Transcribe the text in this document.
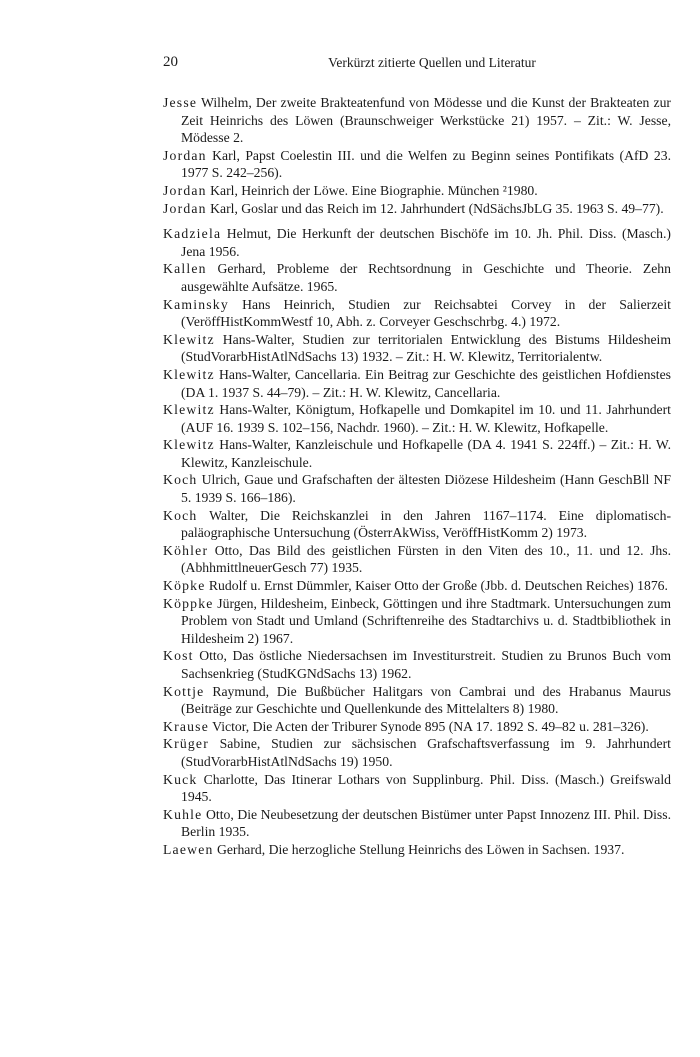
20	Verkürzt zitierte Quellen und Literatur

Jesse Wilhelm, Der zweite Brakteatenfund von Mödesse und die Kunst der Brakteaten zur Zeit Heinrichs des Löwen (Braunschweiger Werkstücke 21) 1957. – Zit.: W. Jesse, Mödesse 2.

Jordan Karl, Papst Coelestin III. und die Welfen zu Beginn seines Pontifikats (AfD 23. 1977 S. 242–256).

Jordan Karl, Heinrich der Löwe. Eine Biographie. München ²1980.

Jordan Karl, Goslar und das Reich im 12. Jahrhundert (NdSächsJbLG 35. 1963 S. 49–77).

Kadziela Helmut, Die Herkunft der deutschen Bischöfe im 10. Jh. Phil. Diss. (Masch.) Jena 1956.

Kallen Gerhard, Probleme der Rechtsordnung in Geschichte und Theorie. Zehn ausgewählte Aufsätze. 1965.

Kaminsky Hans Heinrich, Studien zur Reichsabtei Corvey in der Salierzeit (VeröffHistKommWestf 10, Abh. z. Corveyer Geschschrbg. 4.) 1972.

Klewitz Hans-Walter, Studien zur territorialen Entwicklung des Bistums Hildesheim (StudVorarbHistAtlNdSachs 13) 1932. – Zit.: H. W. Klewitz, Territorialentw.

Klewitz Hans-Walter, Cancellaria. Ein Beitrag zur Geschichte des geistlichen Hofdienstes (DA 1. 1937 S. 44–79). – Zit.: H. W. Klewitz, Cancellaria.

Klewitz Hans-Walter, Königtum, Hofkapelle und Domkapitel im 10. und 11. Jahrhundert (AUF 16. 1939 S. 102–156, Nachdr. 1960). – Zit.: H. W. Klewitz, Hofkapelle.

Klewitz Hans-Walter, Kanzleischule und Hofkapelle (DA 4. 1941 S. 224ff.) – Zit.: H. W. Klewitz, Kanzleischule.

Koch Ulrich, Gaue und Grafschaften der ältesten Diözese Hildesheim (Hann GeschBll NF 5. 1939 S. 166–186).

Koch Walter, Die Reichskanzlei in den Jahren 1167–1174. Eine diplomatisch-paläographische Untersuchung (ÖsterrAkWiss, VeröffHistKomm 2) 1973.

Köhler Otto, Das Bild des geistlichen Fürsten in den Viten des 10., 11. und 12. Jhs. (AbhhmittlneuerGesch 77) 1935.

Köpke Rudolf u. Ernst Dümmler, Kaiser Otto der Große (Jbb. d. Deutschen Reiches) 1876.

Köppke Jürgen, Hildesheim, Einbeck, Göttingen und ihre Stadtmark. Untersuchungen zum Problem von Stadt und Umland (Schriftenreihe des Stadtarchivs u. d. Stadtbibliothek in Hildesheim 2) 1967.

Kost Otto, Das östliche Niedersachsen im Investiturstreit. Studien zu Brunos Buch vom Sachsenkrieg (StudKGNdSachs 13) 1962.

Kottje Raymund, Die Bußbücher Halitgars von Cambrai und des Hrabanus Maurus (Beiträge zur Geschichte und Quellenkunde des Mittelalters 8) 1980.

Krause Victor, Die Acten der Triburer Synode 895 (NA 17. 1892 S. 49–82 u. 281–326).

Krüger Sabine, Studien zur sächsischen Grafschaftsverfassung im 9. Jahrhundert (StudVorarbHistAtlNdSachs 19) 1950.

Kuck Charlotte, Das Itinerar Lothars von Supplinburg. Phil. Diss. (Masch.) Greifswald 1945.

Kuhle Otto, Die Neubesetzung der deutschen Bistümer unter Papst Innozenz III. Phil. Diss. Berlin 1935.

Laewen Gerhard, Die herzogliche Stellung Heinrichs des Löwen in Sachsen. 1937.
